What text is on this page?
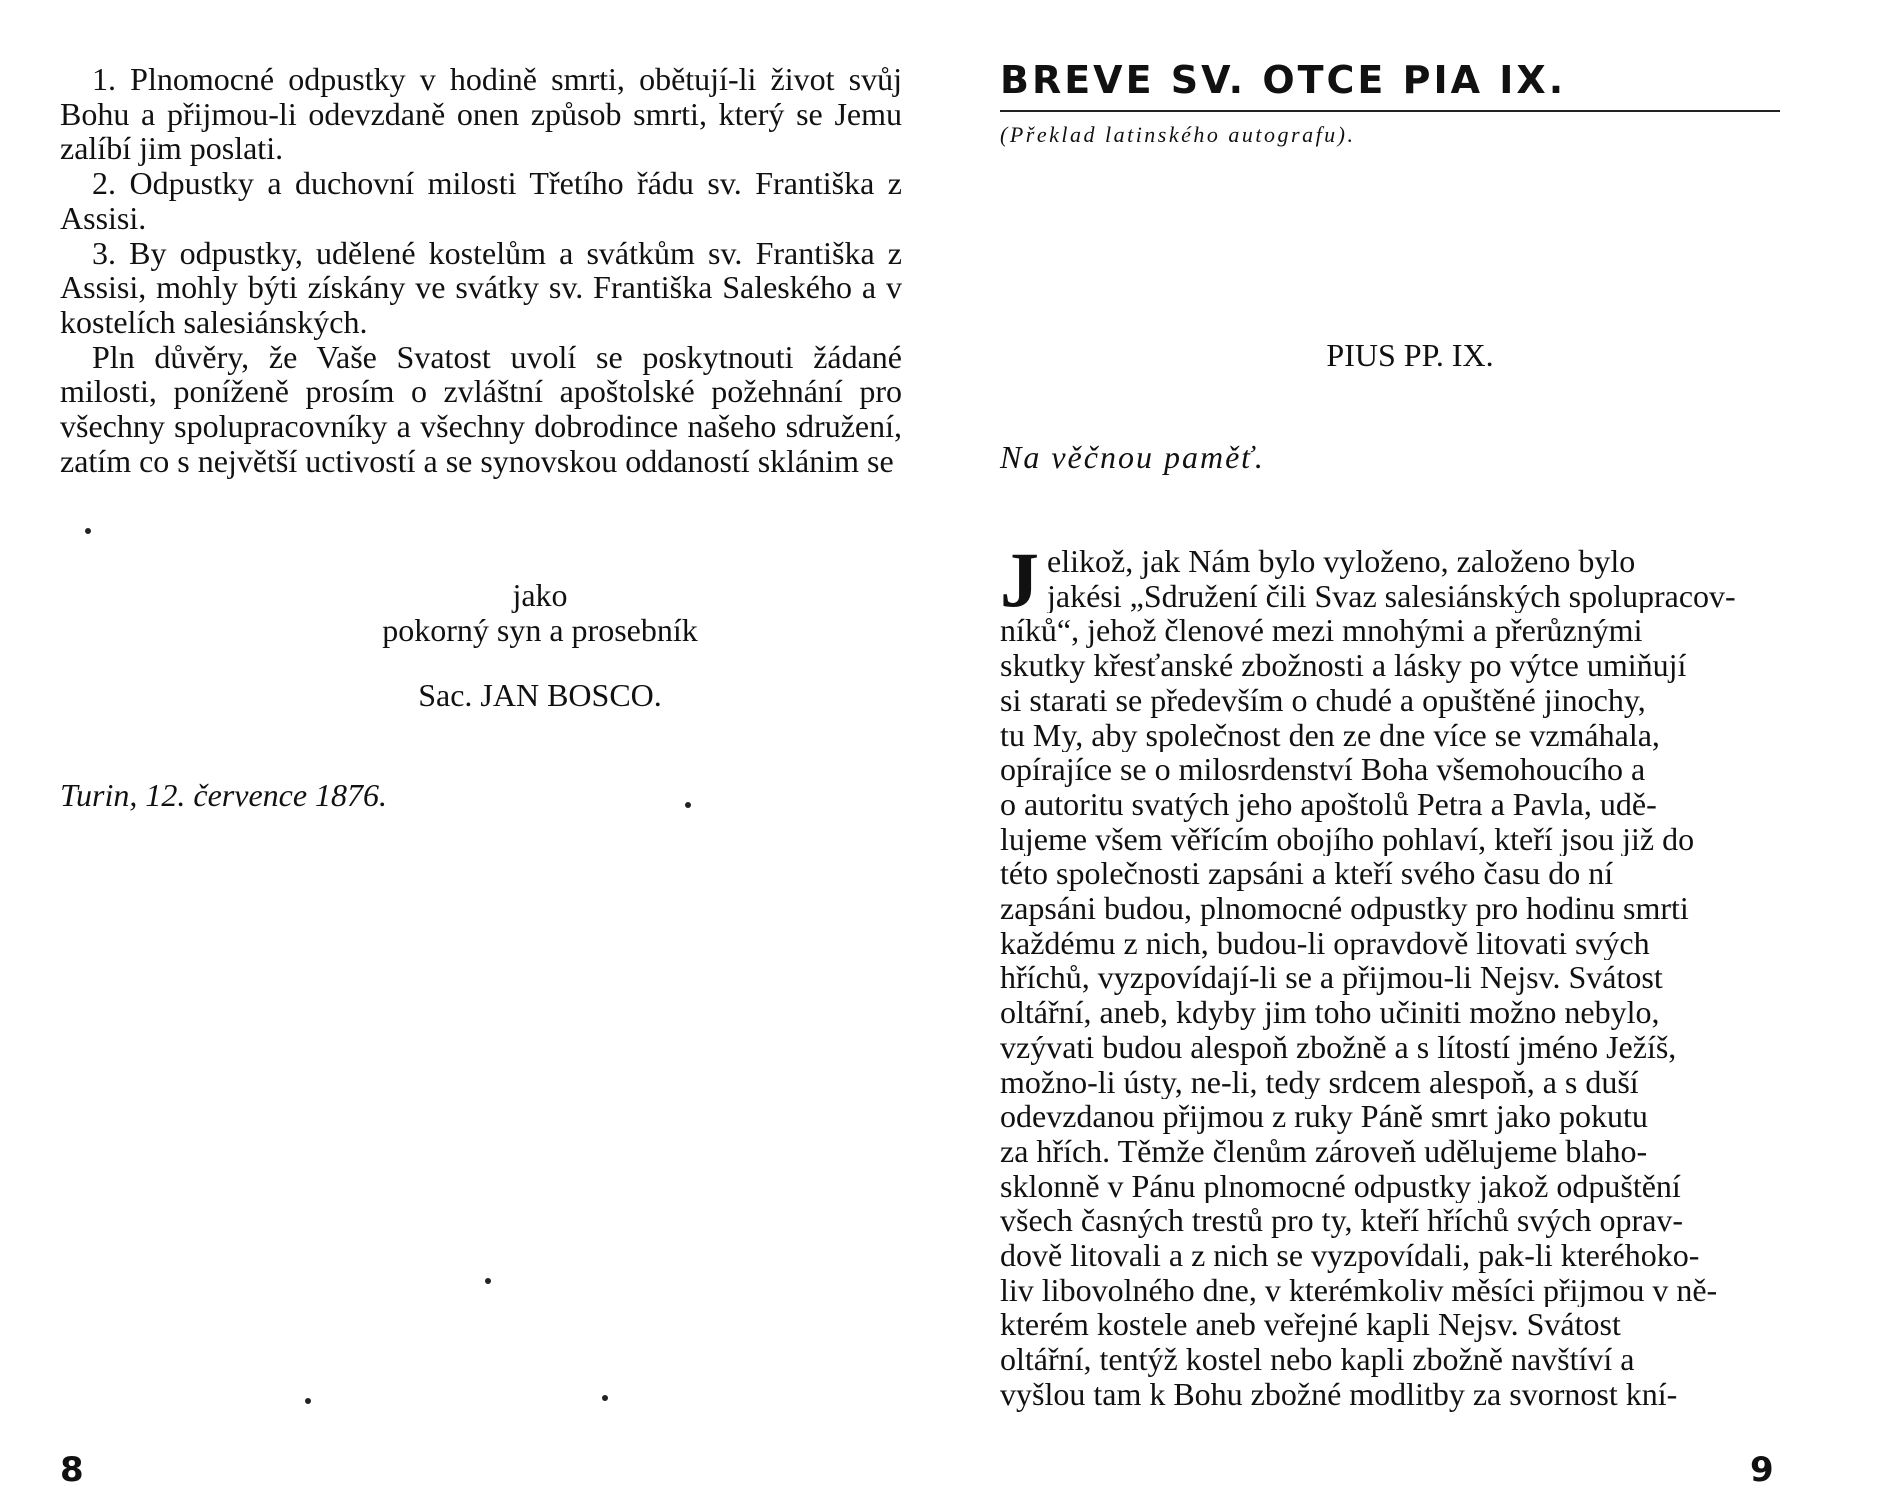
1. Plnomocné odpustky v hodině smrti, obětují-li život svůj Bohu a přijmou-li odevzdaně onen způsob smrti, který se Jemu zalíbí jim poslati.

2. Odpustky a duchovní milosti Třetího řádu sv. Františka z Assisi.

3. By odpustky, udělené kostelům a svátkům sv. Františka z Assisi, mohly býti získány ve svátky sv. Františka Saleského a v kostelích salesiánských.

Pln důvěry, že Vaše Svatost uvolí se poskytnouti žádané milosti, poníženě prosím o zvláštní apoštolské požehnání pro všechny spolupracovníky a všechny dobrodince našeho sdružení, zatím co s největší uctivostí a se synovskou oddaností sklánim se

jako
pokorný syn a prosebník
Sac. JAN BOSCO.
Turin, 12. července 1876.
8
BREVE SV. OTCE PIA IX.
(Překlad latinského autografu).
PIUS PP. IX.
Na věčnou paměť.
J elikož, jak Nám bylo vyloženo, založeno bylo
jakési „Sdružení čili Svaz salesiánských spolupracov-
níků“, jehož členové mezi mnohými a přerůznými
skutky křesťanské zbožnosti a lásky po výtce umiňují
si starati se především o chudé a opuštěné jinochy,
tu My, aby společnost den ze dne více se vzmáhala,
opírajíce se o milosrdenství Boha všemohoucího a
o autoritu svatých jeho apoštolů Petra a Pavla, udě-
lujeme všem věřícím obojího pohlaví, kteří jsou již do
této společnosti zapsáni a kteří svého času do ní
zapsáni budou, plnomocné odpustky pro hodinu smrti
každému z nich, budou-li opravdově litovati svých
hříchů, vyzpovídají-li se a přijmou-li Nejsv. Svátost
oltářní, aneb, kdyby jim toho učiniti možno nebylo,
vzývati budou alespoň zbožně a s lítostí jméno Ježíš,
možno-li ústy, ne-li, tedy srdcem alespoň, a s duší
odevzdanou přijmou z ruky Páně smrt jako pokutu
za hřích. Těmže členům zároveň udělujeme blaho-
sklonně v Pánu plnomocné odpustky jakož odpuštění
všech časných trestů pro ty, kteří hříchů svých oprav-
dově litovali a z nich se vyzpovídali, pak-li kteréhoko-
liv libovolného dne, v kterémkoliv měsíci přijmou v ně-
kterém kostele aneb veřejné kapli Nejsv. Svátost
oltářní, tentýž kostel nebo kapli zbožně navštíví a
vyšlou tam k Bohu zbožné modlitby za svornost kní-
9
